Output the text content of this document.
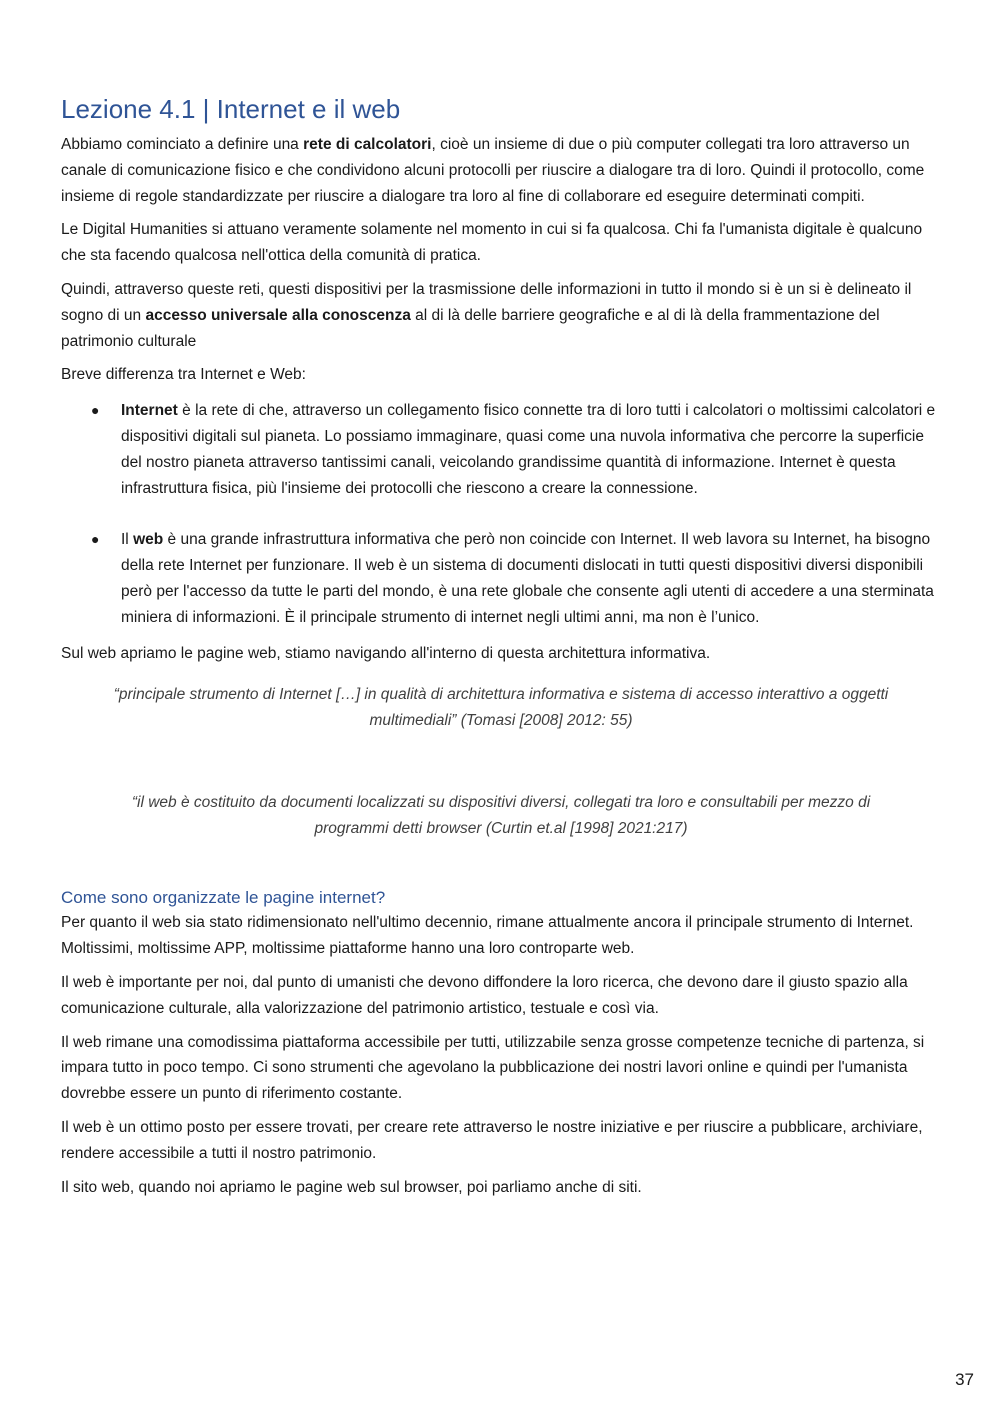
Lezione 4.1 | Internet e il web

Abbiamo cominciato a definire una rete di calcolatori, cioè un insieme di due o più computer collegati tra loro attraverso un canale di comunicazione fisico e che condividono alcuni protocolli per riuscire a dialogare tra di loro. Quindi il protocollo, come insieme di regole standardizzate per riuscire a dialogare tra loro al fine di collaborare ed eseguire determinati compiti.

Le Digital Humanities si attuano veramente solamente nel momento in cui si fa qualcosa. Chi fa l'umanista digitale è qualcuno che sta facendo qualcosa nell'ottica della comunità di pratica.

Quindi, attraverso queste reti, questi dispositivi per la trasmissione delle informazioni in tutto il mondo si è un si è delineato il sogno di un accesso universale alla conoscenza al di là delle barriere geografiche e al di là della frammentazione del patrimonio culturale

Breve differenza tra Internet e Web:

● Internet è la rete di che, attraverso un collegamento fisico connette tra di loro tutti i calcolatori o moltissimi calcolatori e dispositivi digitali sul pianeta. Lo possiamo immaginare, quasi come una nuvola informativa che percorre la superficie del nostro pianeta attraverso tantissimi canali, veicolando grandissime quantità di informazione. Internet è questa infrastruttura fisica, più l'insieme dei protocolli che riescono a creare la connessione.
● Il web è una grande infrastruttura informativa che però non coincide con Internet. Il web lavora su Internet, ha bisogno della rete Internet per funzionare. Il web è un sistema di documenti dislocati in tutti questi dispositivi diversi disponibili però per l'accesso da tutte le parti del mondo, è una rete globale che consente agli utenti di accedere a una sterminata miniera di informazioni. È il principale strumento di internet negli ultimi anni, ma non è l’unico.

Sul web apriamo le pagine web, stiamo navigando all'interno di questa architettura informativa.

“principale strumento di Internet […] in qualità di architettura informativa e sistema di accesso interattivo a oggetti multimediali” (Tomasi [2008] 2012: 55)
“il web è costituito da documenti localizzati su dispositivi diversi, collegati tra loro e consultabili per mezzo di programmi detti browser (Curtin et.al [1998] 2021:217)
Come sono organizzate le pagine internet?

Per quanto il web sia stato ridimensionato nell'ultimo decennio, rimane attualmente ancora il principale strumento di Internet. Moltissimi, moltissime APP, moltissime piattaforme hanno una loro controparte web.

Il web è importante per noi, dal punto di umanisti che devono diffondere la loro ricerca, che devono dare il giusto spazio alla comunicazione culturale, alla valorizzazione del patrimonio artistico, testuale e così via.

Il web rimane una comodissima piattaforma accessibile per tutti, utilizzabile senza grosse competenze tecniche di partenza, si impara tutto in poco tempo. Ci sono strumenti che agevolano la pubblicazione dei nostri lavori online e quindi per l'umanista dovrebbe essere un punto di riferimento costante.

Il web è un ottimo posto per essere trovati, per creare rete attraverso le nostre iniziative e per riuscire a pubblicare, archiviare, rendere accessibile a tutti il nostro patrimonio.

Il sito web, quando noi apriamo le pagine web sul browser, poi parliamo anche di siti.

37
